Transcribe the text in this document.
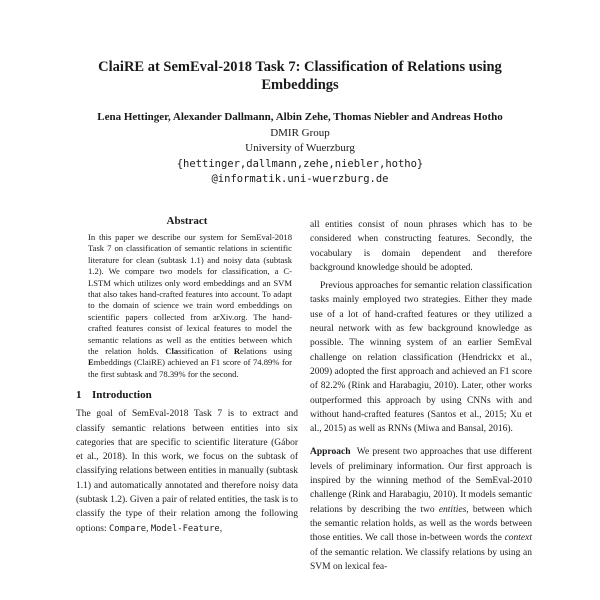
ClaiRE at SemEval-2018 Task 7: Classification of Relations using Embeddings
Lena Hettinger, Alexander Dallmann, Albin Zehe, Thomas Niebler and Andreas Hotho
DMIR Group
University of Wuerzburg
{hettinger,dallmann,zehe,niebler,hotho}
@informatik.uni-wuerzburg.de
Abstract

In this paper we describe our system for SemEval-2018 Task 7 on classification of semantic relations in scientific literature for clean (subtask 1.1) and noisy data (subtask 1.2). We compare two models for classification, a C-LSTM which utilizes only word embeddings and an SVM that also takes hand-crafted features into account. To adapt to the domain of science we train word embeddings on scientific papers collected from arXiv.org. The hand-crafted features consist of lexical features to model the semantic relations as well as the entities between which the relation holds. Classification of Relations using Embeddings (ClaiRE) achieved an F1 score of 74.89% for the first subtask and 78.39% for the second.

1 Introduction

The goal of SemEval-2018 Task 7 is to extract and classify semantic relations between entities into six categories that are specific to scientific literature (Gábor et al., 2018). In this work, we focus on the subtask of classifying relations between entities in manually (subtask 1.1) and automatically annotated and therefore noisy data (subtask 1.2). Given a pair of related entities, the task is to classify the type of their relation among the following options: Compare, Model-Feature,

all entities consist of noun phrases which has to be considered when constructing features. Secondly, the vocabulary is domain dependent and therefore background knowledge should be adopted.

Previous approaches for semantic relation classification tasks mainly employed two strategies. Either they made use of a lot of hand-crafted features or they utilized a neural network with as few background knowledge as possible. The winning system of an earlier SemEval challenge on relation classification (Hendrickx et al., 2009) adopted the first approach and achieved an F1 score of 82.2% (Rink and Harabagiu, 2010). Later, other works outperformed this approach by using CNNs with and without hand-crafted features (Santos et al., 2015; Xu et al., 2015) as well as RNNs (Miwa and Bansal, 2016).

Approach We present two approaches that use different levels of preliminary information. Our first approach is inspired by the winning method of the SemEval-2010 challenge (Rink and Harabagiu, 2010). It models semantic relations by describing the two entities, between which the semantic relation holds, as well as the words between those entities. We call those in-between words the context of the semantic relation. We classify relations by using an SVM on lexical fea-
